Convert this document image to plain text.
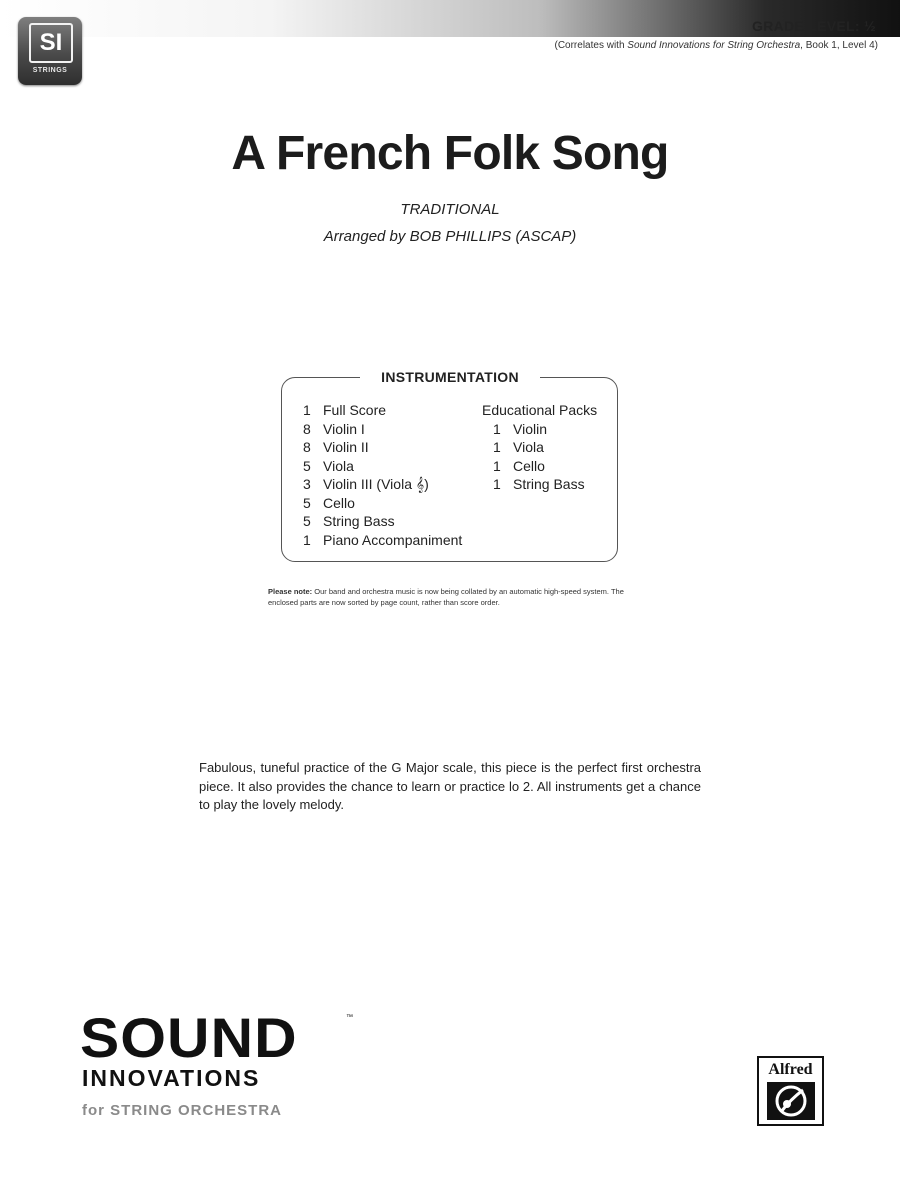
SI
STRINGS
GRADE LEVEL: ½
(Correlates with Sound Innovations for String Orchestra, Book 1, Level 4)
A French Folk Song
TRADITIONAL
Arranged by BOB PHILLIPS (ASCAP)
INSTRUMENTATION
1 Full Score
8 Violin I
8 Violin II
5 Viola
3 Violin III (Viola 𝄞)
5 Cello
5 String Bass
1 Piano Accompaniment
Educational Packs
1 Violin
1 Viola
1 Cello
1 String Bass
Please note: Our band and orchestra music is now being collated by an automatic high-speed system. The enclosed parts are now sorted by page count, rather than score order.
Fabulous, tuneful practice of the G Major scale, this piece is the perfect first orchestra piece. It also provides the chance to learn or practice lo 2. All instruments get a chance to play the lovely melody.
SOUND	™
INNOVATIONS
for STRING ORCHESTRA
Alfred
